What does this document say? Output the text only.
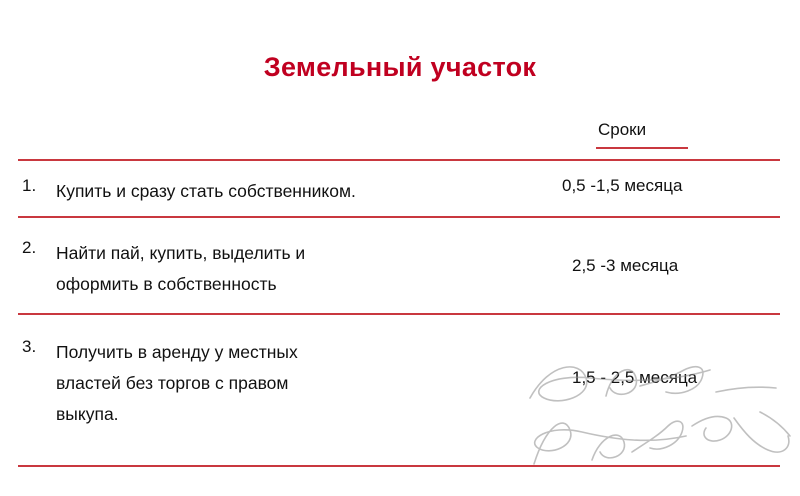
Земельный участок
Сроки
1. Купить и сразу стать собственником.	0,5 -1,5 месяца
2. Найти пай, купить, выделить и
оформить в собственность
2,5 -3 месяца
3. Получить в аренду у местных
властей без торгов с правом
выкупа.
1,5 - 2,5 месяца
